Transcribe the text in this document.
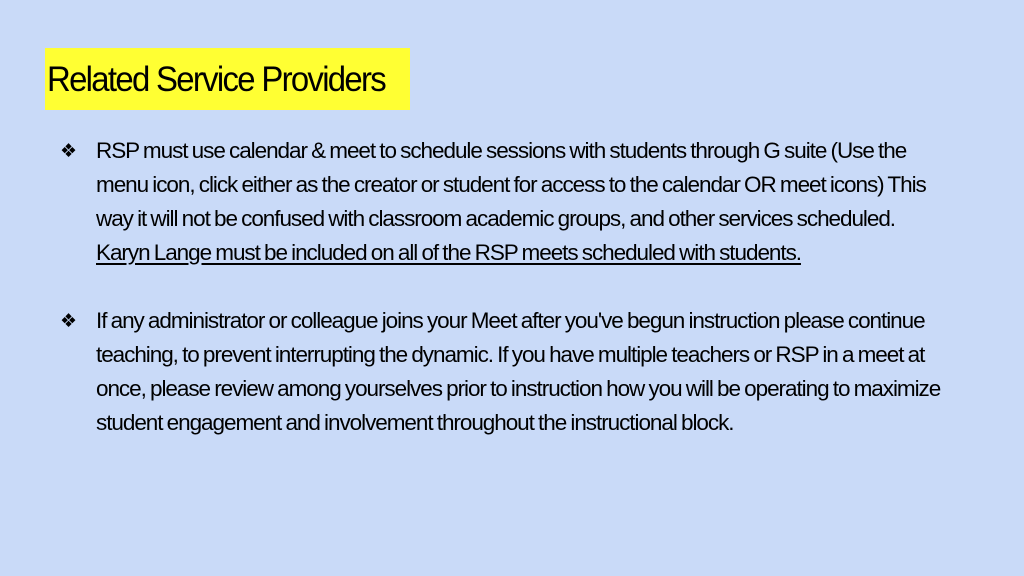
Related Service Providers
❖ RSP must use calendar & meet to schedule sessions with students through G suite (Use the menu icon, click either as the creator or student for access to the calendar OR meet icons) This way it will not be confused with classroom academic groups, and other services scheduled. Karyn Lange must be included on all of the RSP meets scheduled with students.
❖ If any administrator or colleague joins your Meet after you've begun instruction please continue teaching, to prevent interrupting the dynamic. If you have multiple teachers or RSP in a meet at once, please review among yourselves prior to instruction how you will be operating to maximize student engagement and involvement throughout the instructional block.
